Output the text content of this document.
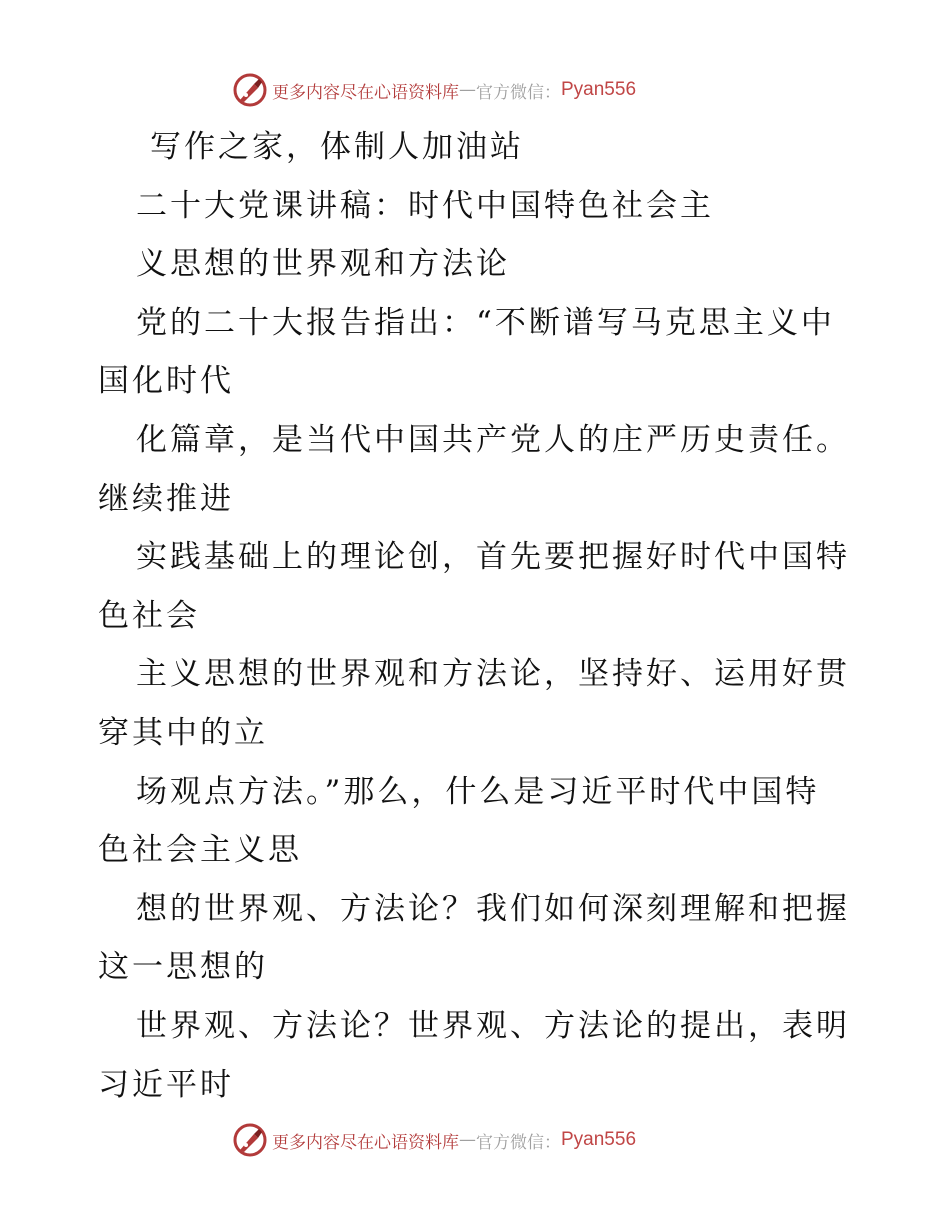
更多内容尽在心语资料库 — 官方微信： Pyan556
写作之家，体制人加油站
二十大党课讲稿：时代中国特色社会主
义思想的世界观和方法论
党的二十大报告指出：“不断谱写马克思主义中
国化时代
化篇章，是当代中国共产党人的庄严历史责任。
继续推进
实践基础上的理论创，首先要把握好时代中国特
色社会
主义思想的世界观和方法论，坚持好、运用好贯
穿其中的立
场观点方法。”那么，什么是习近平时代中国特
色社会主义思
想的世界观、方法论？我们如何深刻理解和把握
这一思想的
世界观、方法论？世界观、方法论的提出，表明
习近平时
更多内容尽在心语资料库 — 官方微信： Pyan556
